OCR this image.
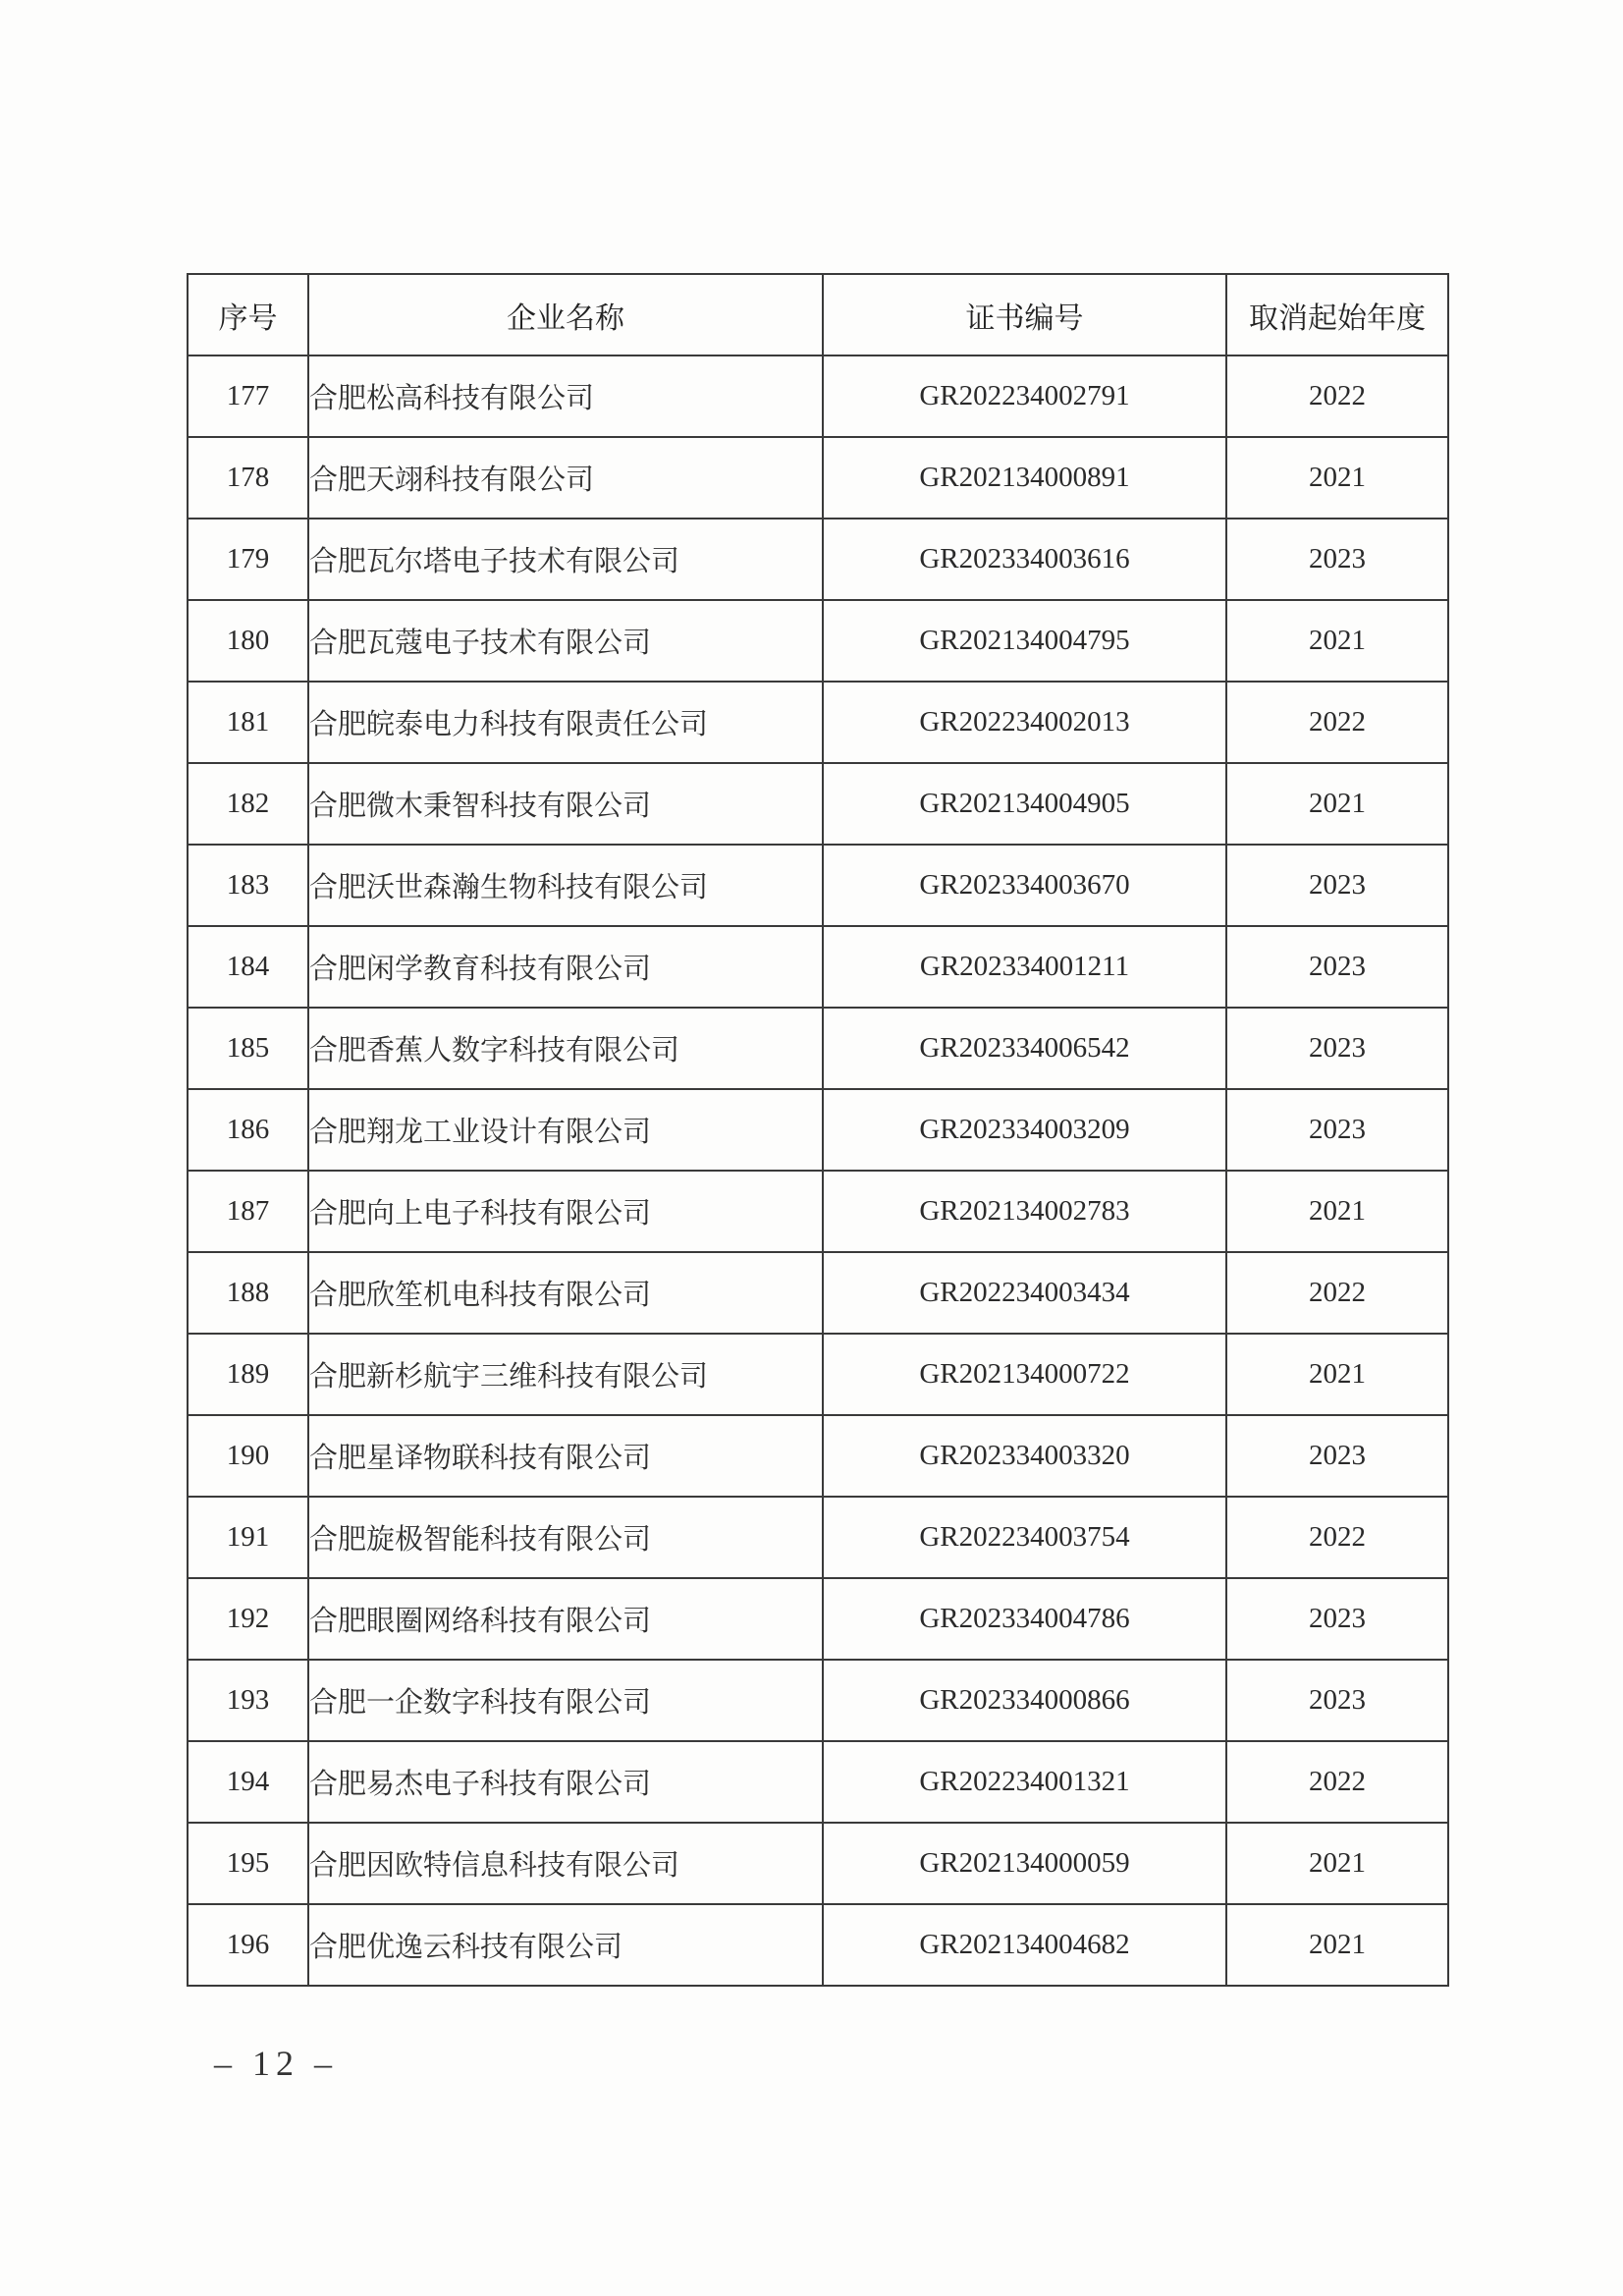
序号	企业名称	证书编号	取消起始年度
177	合肥松高科技有限公司	GR202234002791	2022
178	合肥天翊科技有限公司	GR202134000891	2021
179	合肥瓦尔塔电子技术有限公司	GR202334003616	2023
180	合肥瓦蔻电子技术有限公司	GR202134004795	2021
181	合肥皖泰电力科技有限责任公司	GR202234002013	2022
182	合肥微木秉智科技有限公司	GR202134004905	2021
183	合肥沃世森瀚生物科技有限公司	GR202334003670	2023
184	合肥闲学教育科技有限公司	GR202334001211	2023
185	合肥香蕉人数字科技有限公司	GR202334006542	2023
186	合肥翔龙工业设计有限公司	GR202334003209	2023
187	合肥向上电子科技有限公司	GR202134002783	2021
188	合肥欣笙机电科技有限公司	GR202234003434	2022
189	合肥新杉航宇三维科技有限公司	GR202134000722	2021
190	合肥星译物联科技有限公司	GR202334003320	2023
191	合肥旋极智能科技有限公司	GR202234003754	2022
192	合肥眼圈网络科技有限公司	GR202334004786	2023
193	合肥一企数字科技有限公司	GR202334000866	2023
194	合肥易杰电子科技有限公司	GR202234001321	2022
195	合肥因欧特信息科技有限公司	GR202134000059	2021
196	合肥优逸云科技有限公司	GR202134004682	2021
– 12 –
